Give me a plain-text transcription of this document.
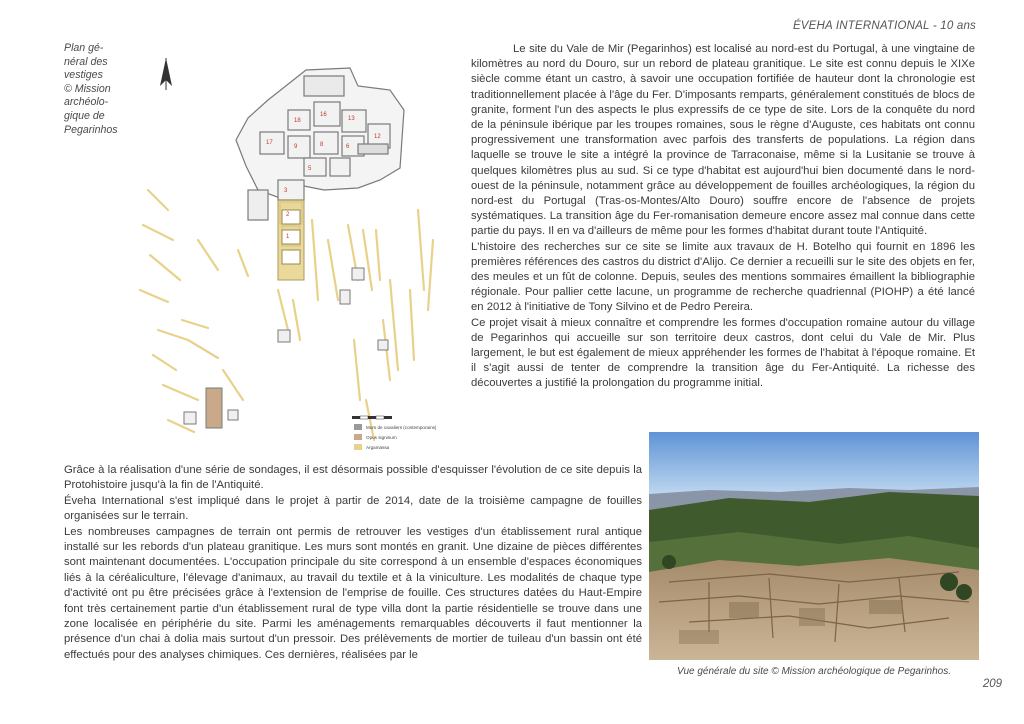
ÉVEHA INTERNATIONAL - 10 ans
Plan gé-
néral des
vestiges
© Mission
archéolo-
gique de
Pegarinhos
18
16
13
12
17
9	8	6
5
3
2
1
Murs de cavaliers (contemporains)
Opus signinum
Argamassa

Le site du Vale de Mir (Pegarinhos) est localisé au nord-est du Portugal, à une vingtaine de kilomètres au nord du Douro, sur un rebord de plateau granitique. Le site est connu depuis le XIXe siècle comme étant un castro, à savoir une occupation fortifiée de hauteur dont la chronologie est traditionnellement placée à l'âge du Fer. D'imposants remparts, généralement constitués de blocs de granite, forment l'un des aspects le plus expressifs de ce type de site. Lors de la conquête du nord de la péninsule ibérique par les troupes romaines, sous le règne d'Auguste, ces habitats ont connu progressivement une transformation avec parfois des transferts de populations. La région dans laquelle se trouve le site a intégré la province de Tarraconaise, même si la Lusitanie se trouve à quelques kilomètres plus au sud. Si ce type d'habitat est aujourd'hui bien documenté dans le nord-ouest de la péninsule, notamment grâce au développement de fouilles archéologiques, la région du nord-est du Portugal (Tras-os-Montes/Alto Douro) souffre encore de l'absence de projets systématiques. La transition âge du Fer-romanisation demeure encore assez mal connue dans cette partie du pays. Il en va d'ailleurs de même pour les formes d'habitat durant toute l'Antiquité.

L'histoire des recherches sur ce site se limite aux travaux de H. Botelho qui fournit en 1896 les premières références des castros du district d'Alijo. Ce dernier a recueilli sur le site des objets en fer, des meules et un fût de colonne. Depuis, seules des mentions sommaires émaillent la bibliographie régionale. Pour pallier cette lacune, un programme de recherche quadriennal (PIOHP) a été lancé en 2012 à l'initiative de Tony Silvino et de Pedro Pereira.

Ce projet visait à mieux connaître et comprendre les formes d'occupation romaine autour du village de Pegarinhos qui accueille sur son territoire deux castros, dont celui du Vale de Mir. Plus largement, le but est également de mieux appréhender les formes de l'habitat à l'époque romaine. Et il s'agit aussi de tenter de comprendre la transition âge du Fer-Antiquité. La richesse des découvertes a justifié la prolongation du programme initial.

Grâce à la réalisation d'une série de sondages, il est désormais possible d'esquisser l'évolution de ce site depuis la Protohistoire jusqu'à la fin de l'Antiquité.

Éveha International s'est impliqué dans le projet à partir de 2014, date de la troisième campagne de fouilles organisées sur le terrain.

Les nombreuses campagnes de terrain ont permis de retrouver les vestiges d'un établissement rural antique installé sur les rebords d'un plateau granitique. Les murs sont montés en granit. Une dizaine de pièces différentes sont maintenant documentées. L'occupation principale du site correspond à un ensemble d'espaces économiques liés à la céréaliculture, l'élevage d'animaux, au travail du textile et à la viniculture. Les modalités de chaque type d'activité ont pu être précisées grâce à l'extension de l'emprise de fouille. Ces structures datées du Haut-Empire font très certainement partie d'un établissement rural de type villa dont la partie résidentielle se trouve dans une zone localisée en périphérie du site. Parmi les aménagements remarquables découverts il faut mentionner la présence d'un chai à dolia mais surtout d'un pressoir. Des prélèvements de mortier de tuileau d'un bassin ont été effectués pour des analyses chimiques. Ces dernières, réalisées par le

Vue générale du site © Mission archéologique de Pegarinhos.
209
